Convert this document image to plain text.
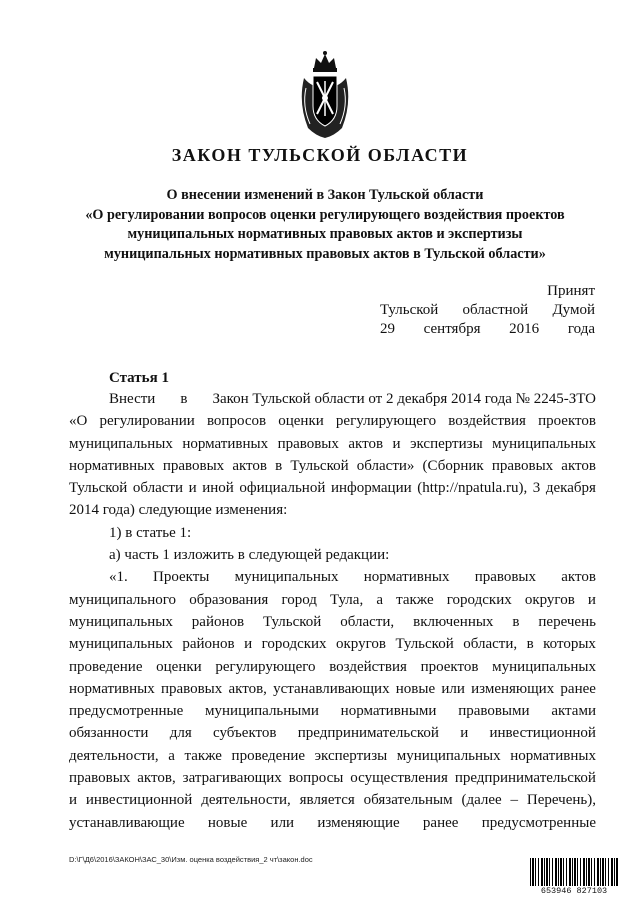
ЗАКОН ТУЛЬСКОЙ ОБЛАСТИ
О внесении изменений в Закон Тульской области
«О регулировании вопросов оценки регулирующего воздействия проектов
муниципальных нормативных правовых актов и экспертизы
муниципальных нормативных правовых актов в Тульской области»
Принят
Тульской областной Думой
29 сентября 2016 года
Статья 1
Внести в Закон Тульской области от 2 декабря 2014 года № 2245-ЗТО
«О регулировании вопросов оценки регулирующего воздействия проектов
муниципальных нормативных правовых актов и экспертизы муниципальных
нормативных правовых актов в Тульской области» (Сборник правовых актов
Тульской области и иной официальной информации (http://npatula.ru), 3 декабря
2014 года) следующие изменения:
1) в статье 1:
а) часть 1 изложить в следующей редакции:
«1. Проекты муниципальных нормативных правовых актов
муниципального образования город Тула, а также городских округов и
муниципальных районов Тульской области, включенных в перечень
муниципальных районов и городских округов Тульской области, в которых
проведение оценки регулирующего воздействия проектов муниципальных
нормативных правовых актов, устанавливающих новые или изменяющих ранее
предусмотренные муниципальными нормативными правовыми актами
обязанности для субъектов предпринимательской и инвестиционной
деятельности, а также проведение экспертизы муниципальных нормативных
правовых актов, затрагивающих вопросы осуществления предпринимательской
и инвестиционной деятельности, является обязательным (далее – Перечень),
устанавливающие новые или изменяющие ранее предусмотренные
D:\Г\Д6\2016\ЗАКОН\ЗАС_30\Изм. оценка воздействия_2 чт\закон.doc
653946 827103
